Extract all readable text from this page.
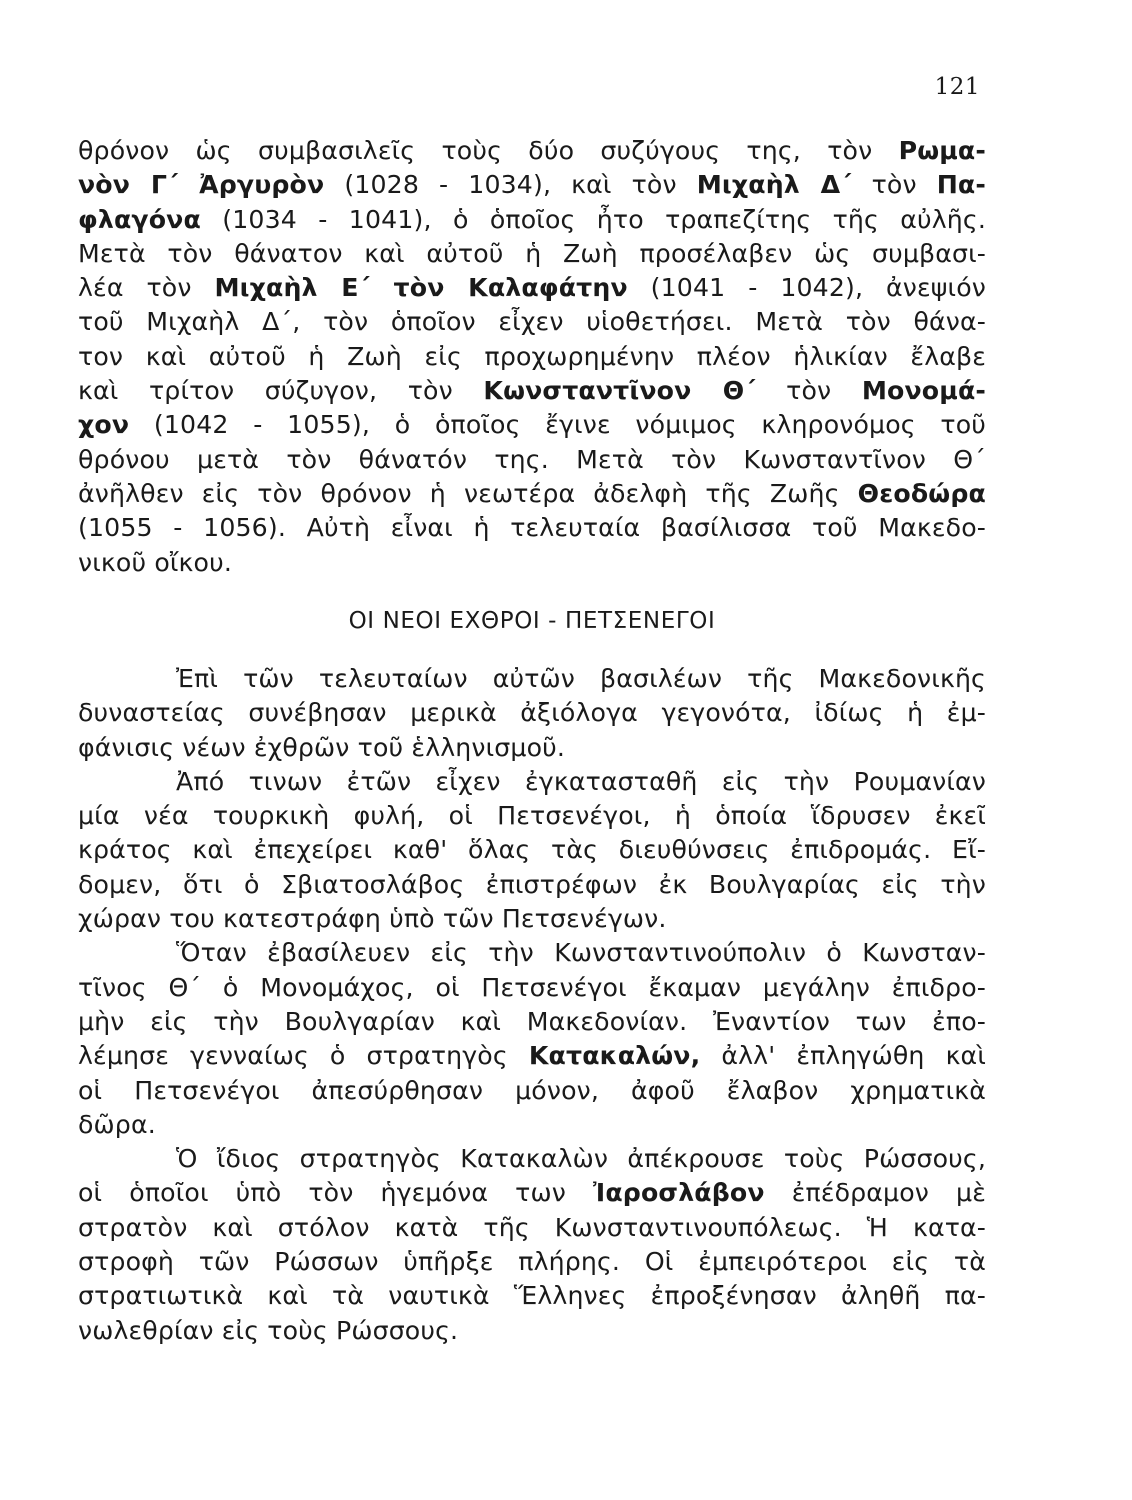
121
θρόνον ὡς συμβασιλεῖς τοὺς δύο συζύγους της, τὸν Ρωμα-
νὸν Γ΄ Ἀργυρὸν (1028 - 1034), καὶ τὸν Μιχαὴλ Δ΄ τὸν Πα-
φλαγόνα (1034 - 1041), ὁ ὁποῖος ἦτο τραπεζίτης τῆς αὐλῆς.
Μετὰ τὸν θάνατον καὶ αὐτοῦ ἡ Ζωὴ προσέλαβεν ὡς συμβασι-
λέα τὸν Μιχαὴλ Ε΄ τὸν Καλαφάτην (1041 - 1042), ἀνεψιόν
τοῦ Μιχαὴλ Δ΄, τὸν ὁποῖον εἶχεν υἱοθετήσει. Μετὰ τὸν θάνα-
τον καὶ αὐτοῦ ἡ Ζωὴ εἰς προχωρημένην πλέον ἡλικίαν ἔλαβε
καὶ τρίτον σύζυγον, τὸν Κωνσταντῖνον Θ΄ τὸν Μονομά-
χον (1042 - 1055), ὁ ὁποῖος ἔγινε νόμιμος κληρονόμος τοῦ
θρόνου μετὰ τὸν θάνατόν της. Μετὰ τὸν Κωνσταντῖνον Θ΄
ἀνῆλθεν εἰς τὸν θρόνον ἡ νεωτέρα ἀδελφὴ τῆς Ζωῆς Θεοδώρα
(1055 - 1056). Αὐτὴ εἶναι ἡ τελευταία βασίλισσα τοῦ Μακεδο-
νικοῦ οἴκου.
ΟΙ ΝΕΟΙ ΕΧΘΡΟΙ - ΠΕΤΣΕΝΕΓΟΙ
Ἐπὶ τῶν τελευταίων αὐτῶν βασιλέων τῆς Μακεδονικῆς
δυναστείας συνέβησαν μερικὰ ἀξιόλογα γεγονότα, ἰδίως ἡ ἐμ-
φάνισις νέων ἐχθρῶν τοῦ ἑλληνισμοῦ.
Ἀπό τινων ἐτῶν εἶχεν ἐγκατασταθῆ εἰς τὴν Ρουμανίαν
μία νέα τουρκικὴ φυλή, οἱ Πετσενέγοι, ἡ ὁποία ἵδρυσεν ἐκεῖ
κράτος καὶ ἐπεχείρει καθ' ὅλας τὰς διευθύνσεις ἐπιδρομάς. Εἴ-
δομεν, ὅτι ὁ Σβιατοσλάβος ἐπιστρέφων ἐκ Βουλγαρίας εἰς τὴν
χώραν του κατεστράφη ὑπὸ τῶν Πετσενέγων.
Ὅταν ἐβασίλευεν εἰς τὴν Κωνσταντινούπολιν ὁ Κωνσταν-
τῖνος Θ΄ ὁ Μονομάχος, οἱ Πετσενέγοι ἔκαμαν μεγάλην ἐπιδρο-
μὴν εἰς τὴν Βουλγαρίαν καὶ Μακεδονίαν. Ἐναντίον των ἐπο-
λέμησε γενναίως ὁ στρατηγὸς Κατακαλών, ἀλλ' ἐπληγώθη καὶ
οἱ Πετσενέγοι ἀπεσύρθησαν μόνον, ἀφοῦ ἔλαβον χρηματικὰ
δῶρα.
Ὁ ἴδιος στρατηγὸς Κατακαλὼν ἀπέκρουσε τοὺς Ρώσσους,
οἱ ὁποῖοι ὑπὸ τὸν ἡγεμόνα των Ἰαροσλάβον ἐπέδραμον μὲ
στρατὸν καὶ στόλον κατὰ τῆς Κωνσταντινουπόλεως. Ἡ κατα-
στροφὴ τῶν Ρώσσων ὑπῆρξε πλήρης. Οἱ ἐμπειρότεροι εἰς τὰ
στρατιωτικὰ καὶ τὰ ναυτικὰ Ἕλληνες ἐπροξένησαν ἀληθῆ πα-
νωλεθρίαν εἰς τοὺς Ρώσσους.
